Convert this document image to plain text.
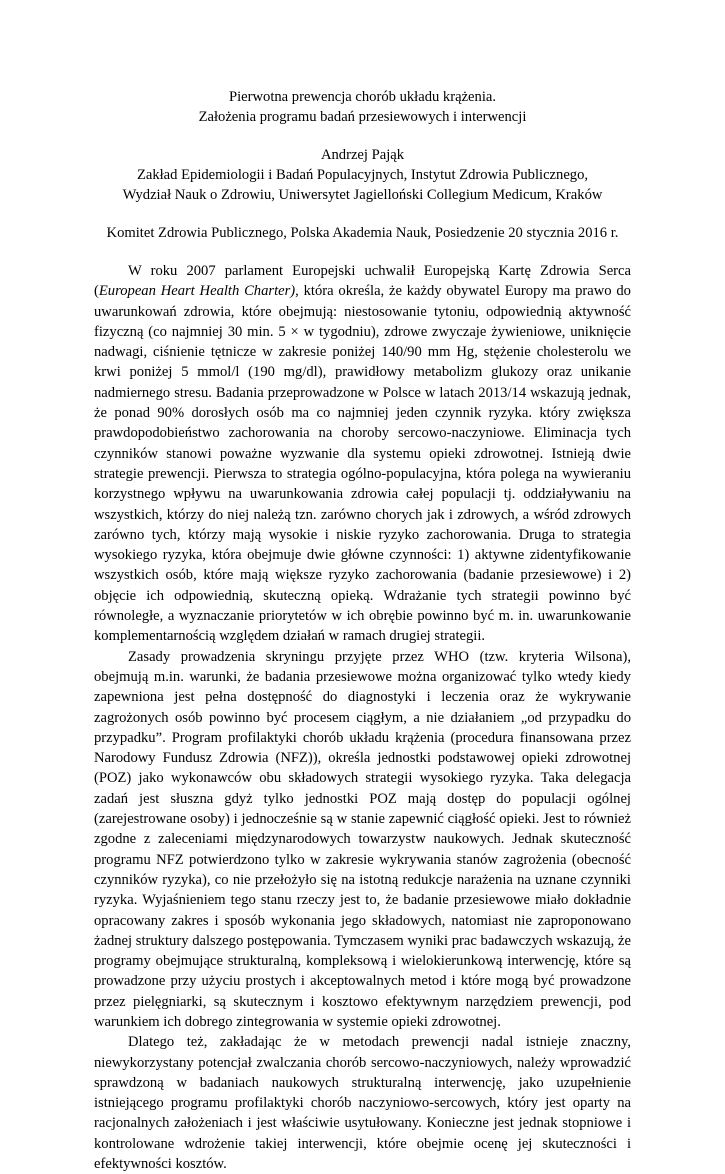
Pierwotna prewencja chorób układu krążenia.

Założenia programu badań przesiewowych i interwencji

Andrzej Pająk

Zakład Epidemiologii i Badań Populacyjnych, Instytut Zdrowia Publicznego,

Wydział Nauk o Zdrowiu, Uniwersytet Jagielloński Collegium Medicum, Kraków

Komitet Zdrowia Publicznego, Polska Akademia Nauk, Posiedzenie 20 stycznia 2016 r.

W roku 2007 parlament Europejski uchwalił Europejską Kartę Zdrowia Serca (European Heart Health Charter), która określa, że każdy obywatel Europy ma prawo do uwarunkowań zdrowia, które obejmują: niestosowanie tytoniu, odpowiednią aktywność fizyczną (co najmniej 30 min. 5 × w tygodniu), zdrowe zwyczaje żywieniowe, uniknięcie nadwagi, ciśnienie tętnicze w zakresie poniżej 140/90 mm Hg, stężenie cholesterolu we krwi poniżej 5 mmol/l (190 mg/dl), prawidłowy metabolizm glukozy oraz unikanie nadmiernego stresu. Badania przeprowadzone w Polsce w latach 2013/14 wskazują jednak, że ponad 90% dorosłych osób ma co najmniej jeden czynnik ryzyka. który zwiększa prawdopodobieństwo zachorowania na choroby sercowo-naczyniowe. Eliminacja tych czynników stanowi poważne wyzwanie dla systemu opieki zdrowotnej. Istnieją dwie strategie prewencji. Pierwsza to strategia ogólno-populacyjna, która polega na wywieraniu korzystnego wpływu na uwarunkowania zdrowia całej populacji tj. oddziaływaniu na wszystkich, którzy do niej należą tzn. zarówno chorych jak i zdrowych, a wśród zdrowych zarówno tych, którzy mają wysokie i niskie ryzyko zachorowania. Druga to strategia wysokiego ryzyka, która obejmuje dwie główne czynności: 1) aktywne zidentyfikowanie wszystkich osób, które mają większe ryzyko zachorowania (badanie przesiewowe) i 2) objęcie ich odpowiednią, skuteczną opieką. Wdrażanie tych strategii powinno być równoległe, a wyznaczanie priorytetów w ich obrębie powinno być m. in. uwarunkowanie komplementarnością względem działań w ramach drugiej strategii.

Zasady prowadzenia skryningu przyjęte przez WHO (tzw. kryteria Wilsona), obejmują m.in. warunki, że badania przesiewowe można organizować tylko wtedy kiedy zapewniona jest pełna dostępność do diagnostyki i leczenia oraz że wykrywanie zagrożonych osób powinno być procesem ciągłym, a nie działaniem „od przypadku do przypadku”. Program profilaktyki chorób układu krążenia (procedura finansowana przez Narodowy Fundusz Zdrowia (NFZ)), określa jednostki podstawowej opieki zdrowotnej (POZ) jako wykonawców obu składowych strategii wysokiego ryzyka. Taka delegacja zadań jest słuszna gdyż tylko jednostki POZ mają dostęp do populacji ogólnej (zarejestrowane osoby) i jednocześnie są w stanie zapewnić ciągłość opieki. Jest to również zgodne z zaleceniami międzynarodowych towarzystw naukowych. Jednak skuteczność programu NFZ potwierdzono tylko w zakresie wykrywania stanów zagrożenia (obecność czynników ryzyka), co nie przełożyło się na istotną redukcje narażenia na uznane czynniki ryzyka. Wyjaśnieniem tego stanu rzeczy jest to, że badanie przesiewowe miało dokładnie opracowany zakres i sposób wykonania jego składowych, natomiast nie zaproponowano żadnej struktury dalszego postępowania. Tymczasem wyniki prac badawczych wskazują, że programy obejmujące strukturalną, kompleksową i wielokierunkową interwencję, które są prowadzone przy użyciu prostych i akceptowalnych metod i które mogą być prowadzone przez pielęgniarki, są skutecznym i kosztowo efektywnym narzędziem prewencji, pod warunkiem ich dobrego zintegrowania w systemie opieki zdrowotnej.

Dlatego też, zakładając że w metodach prewencji nadal istnieje znaczny, niewykorzystany potencjał zwalczania chorób sercowo-naczyniowych, należy wprowadzić sprawdzoną w badaniach naukowych strukturalną interwencję, jako uzupełnienie istniejącego programu profilaktyki chorób naczyniowo-sercowych, który jest oparty na racjonalnych założeniach i jest właściwie usytułowany. Konieczne jest jednak stopniowe i kontrolowane wdrożenie takiej interwencji, które obejmie ocenę jej skuteczności i efektywności kosztów.
